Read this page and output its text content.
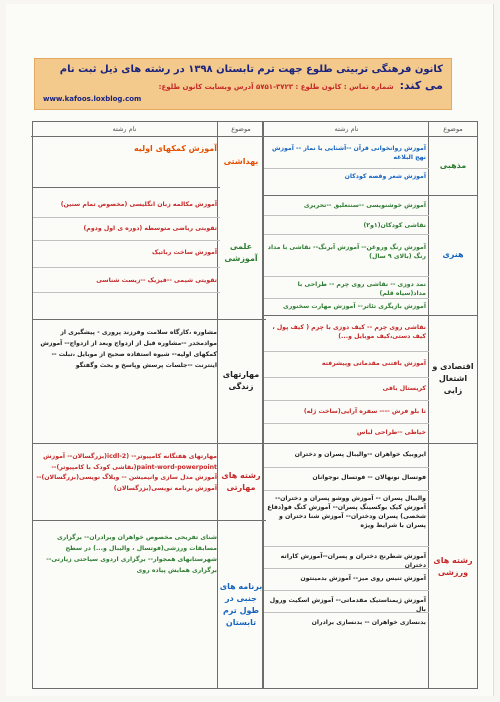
کانون فرهنگی تربیتی طلوع جهت ترم تابستان ۱۳۹۸ در رشته های ذیل ثبت نام
می کند:شماره تماس : کانون طلوع : ۳۷۲۳-۵۷۵۱ آدرس وبسایت کانون طلوع:
www.kafoos.loxblog.com
موضوع
نام رشته
موضوع
نام رشته
مذهبی
آموزش روانخوانی قرآن --آشنایی با نماز -- آموزش نهج البلاغه
آموزش شعر وقصه کودکان
هنری
آموزش خوشنویسی --سنتعلیق --تحریری
نقاشی کودکان(۱و۲)
آموزش رنگ وروغن-- آموزش آبرنگ-- نقاشی با مداد رنگ (بالای ۹ سال)
نمد دوزی -- نقاشی روی چرم -- طراحی با مداد(سیاه قلم)
آموزش بازیگری تئاتر-- آموزش مهارت سخنوری
اقتصادی و اشتغال زایی
نقاشی روی چرم -- کیف دوزی با چرم ( کیف پول ، کیف دستی،کیف موبایل و...)
آموزش بافتنی مقدماتی وپیشرفته
کریستال بافی
تا بلو فرش ---- سفره آرایی(ساخت ژله)
خیاطی --طراحی لباس
رشته های ورزشی
ایروبیک خواهران --والیبال پسران و دختران
فوتسال نونهالان -- فوتسال نوجوانان
والیبال پسران -- آموزش ووشو پسران و دختران-- آموزش کیک بوکسینگ پسران-- آموزش کنگ فو(دفاع شخصی) پسران ودختران-- آموزش شنا دختران و پسران با شرایط ویژه
آموزش شطرنج دختران و پسران--آموزش کاراته دختران
آموزش تنیس روی میز-- آموزش بدمینتون
آموزش ژیمناستیک مقدماتی-- آموزش اسکیت ورول بال
بدنسازی خواهران -- بدنسازی برادران
بهداشتی
آموزش کمکهای اولیه
علمی آموزشی
آموزش مکالمه زبان انگلیسی (مخصوص تمام سنین)
تقویتی ریاضی متوسطه (دوره ی اول ودوم)
آموزش ساخت رباتیک
تقویتی شیمی --فیزیک --زیست شناسی
مهارتهای زندگی
مشاوره ،کارگاه سلامت وفرزند پروری - پیشگیری از موادمخدر --مشاوره قبل از ازدواج وبعد از ازدواج-- آموزش کمکهای اولیه-- شیوه استفاده صحیح از موبایل ،تبلت --اینترنت --جلسات پرسش وپاسخ و بحث وگفتگو
رشته های مهارتی
مهارتهای هفتگانه کامپیوتر-- (icdl-2(بزرگسالان-- آموزش paint-word-powerpoint(نقاشی کودک با کامپیوتر)-- آموزش مدل سازی وانیمیشن -- ویلاگ نویسی(بزرگسالان)-- آموزش برنامه نویسی(بزرگسالان)
برنامه های جنبی در طول ترم تابستان
شنای تفریحی مخصوص خواهران وبرادران-- برگزاری مسابقات ورزشی(فوتسال ، والیبال و...) در سطح شهرستانهای همجوار-- برگزاری اردوی سیاحتی زیارتی-- برگزاری همایش پیاده روی
